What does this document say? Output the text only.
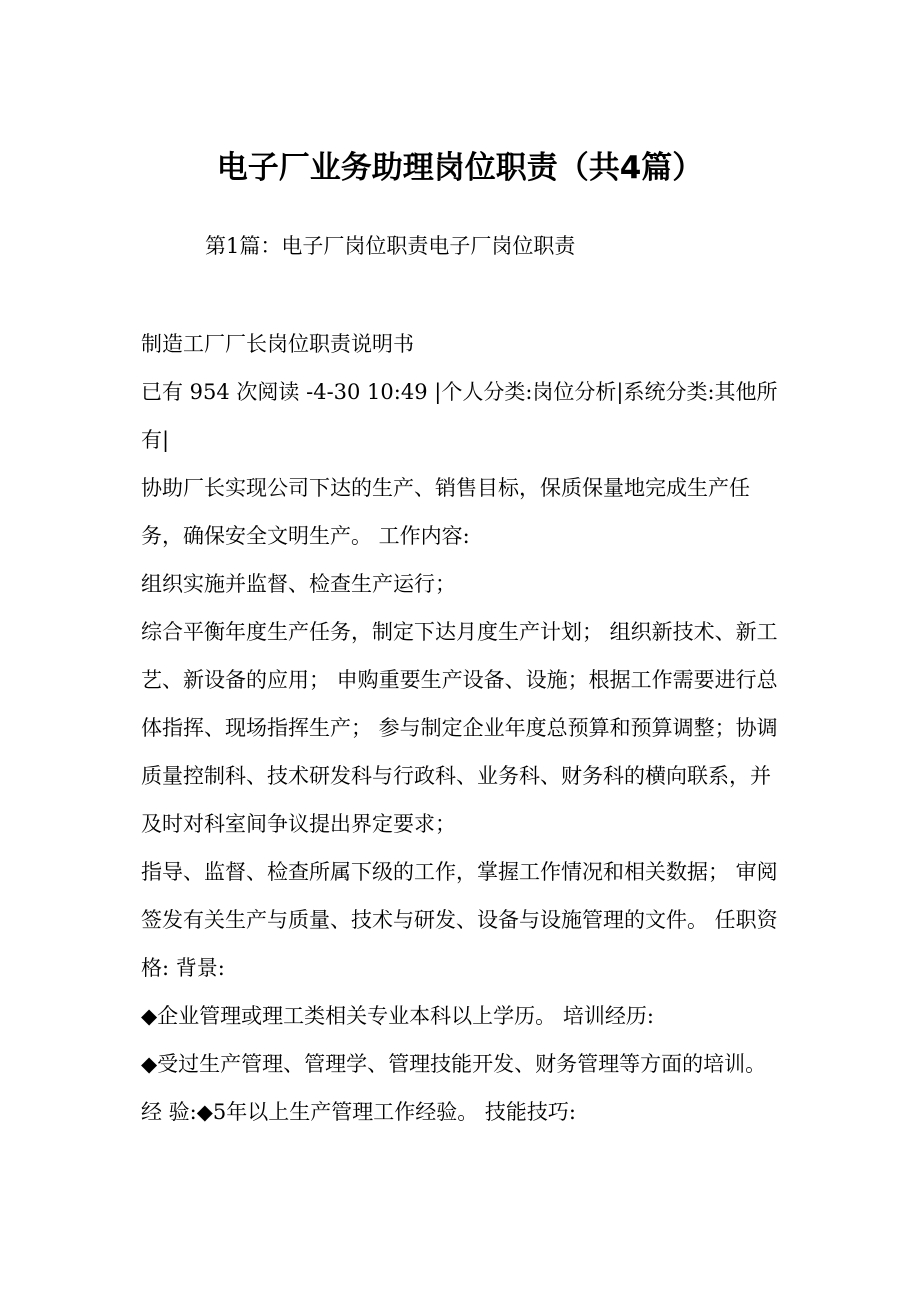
电子厂业务助理岗位职责（共4篇）

第1篇：电子厂岗位职责电子厂岗位职责

制造工厂厂长岗位职责说明书

已有 954 次阅读 -4-30 10:49 |个人分类:岗位分析|系统分类:其他所有|

协助厂长实现公司下达的生产、销售目标，保质保量地完成生产任务，确保安全文明生产。 工作内容:

组织实施并监督、检查生产运行；

综合平衡年度生产任务，制定下达月度生产计划； 组织新技术、新工艺、新设备的应用； 申购重要生产设备、设施；根据工作需要进行总体指挥、现场指挥生产； 参与制定企业年度总预算和预算调整；协调质量控制科、技术研发科与行政科、业务科、财务科的横向联系，并及时对科室间争议提出界定要求；

指导、监督、检查所属下级的工作，掌握工作情况和相关数据； 审阅签发有关生产与质量、技术与研发、设备与设施管理的文件。 任职资格: 背景:

◆企业管理或理工类相关专业本科以上学历。 培训经历:

◆受过生产管理、管理学、管理技能开发、财务管理等方面的培训。 经 验:◆5年以上生产管理工作经验。 技能技巧:
